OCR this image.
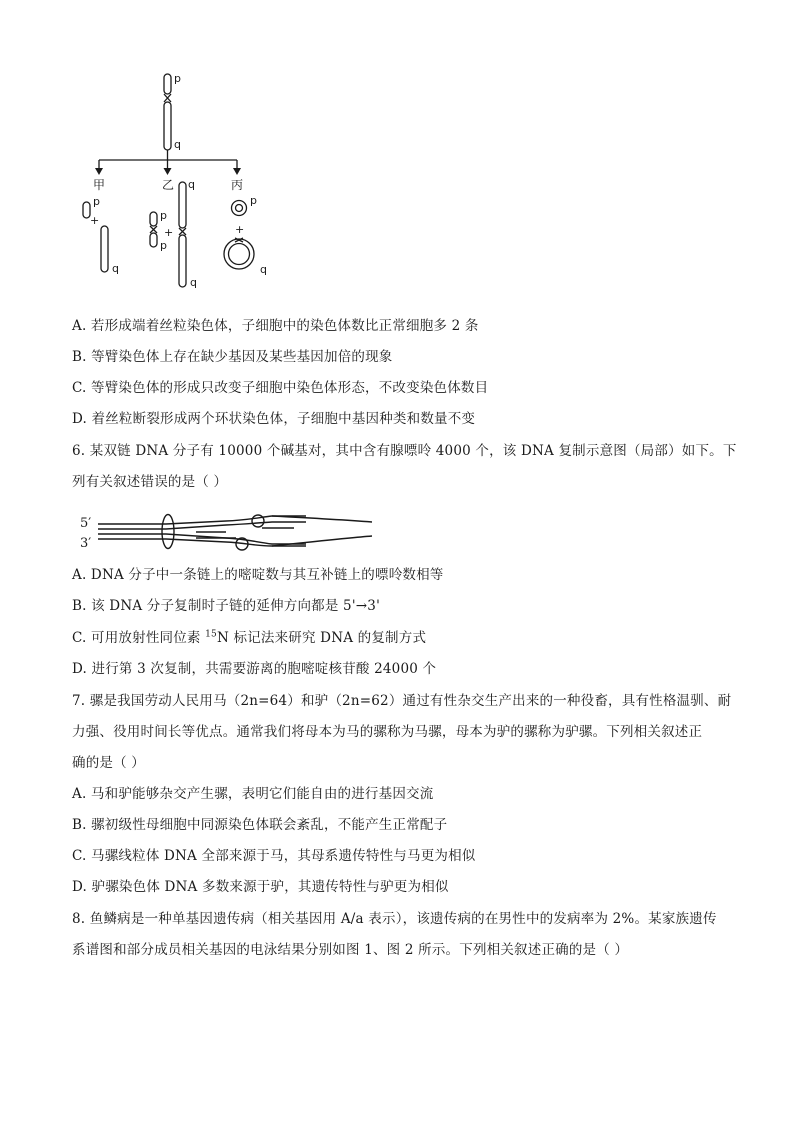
p
q
甲	乙 q	丙
p
+
q
p
+
p
q
p
+
q
A. 若形成端着丝粒染色体，子细胞中的染色体数比正常细胞多 2 条
B. 等臂染色体上存在缺少基因及某些基因加倍的现象
C. 等臂染色体的形成只改变子细胞中染色体形态，不改变染色体数目
D. 着丝粒断裂形成两个环状染色体，子细胞中基因种类和数量不变
6. 某双链 DNA 分子有 10000 个碱基对，其中含有腺嘌呤 4000 个，该 DNA 复制示意图（局部）如下。下
列有关叙述错误的是（ ）
5′
3′
A. DNA 分子中一条链上的嘧啶数与其互补链上的嘌呤数相等
B. 该 DNA 分子复制时子链的延伸方向都是 5'→3'
C. 可用放射性同位素 $^{15}$N 标记法来研究 DNA 的复制方式
D. 进行第 3 次复制，共需要游离的胞嘧啶核苷酸 24000 个
7. 骡是我国劳动人民用马（2n=64）和驴（2n=62）通过有性杂交生产出来的一种役畜，具有性格温驯、耐
力强、役用时间长等优点。通常我们将母本为马的骡称为马骡，母本为驴的骡称为驴骡。下列相关叙述正
确的是（ ）
A. 马和驴能够杂交产生骡，表明它们能自由的进行基因交流
B. 骡初级性母细胞中同源染色体联会紊乱，不能产生正常配子
C. 马骡线粒体 DNA 全部来源于马，其母系遗传特性与马更为相似
D. 驴骡染色体 DNA 多数来源于驴，其遗传特性与驴更为相似
8. 鱼鳞病是一种单基因遗传病（相关基因用 A/a 表示），该遗传病的在男性中的发病率为 2%。某家族遗传
系谱图和部分成员相关基因的电泳结果分别如图 1、图 2 所示。下列相关叙述正确的是（ ）
